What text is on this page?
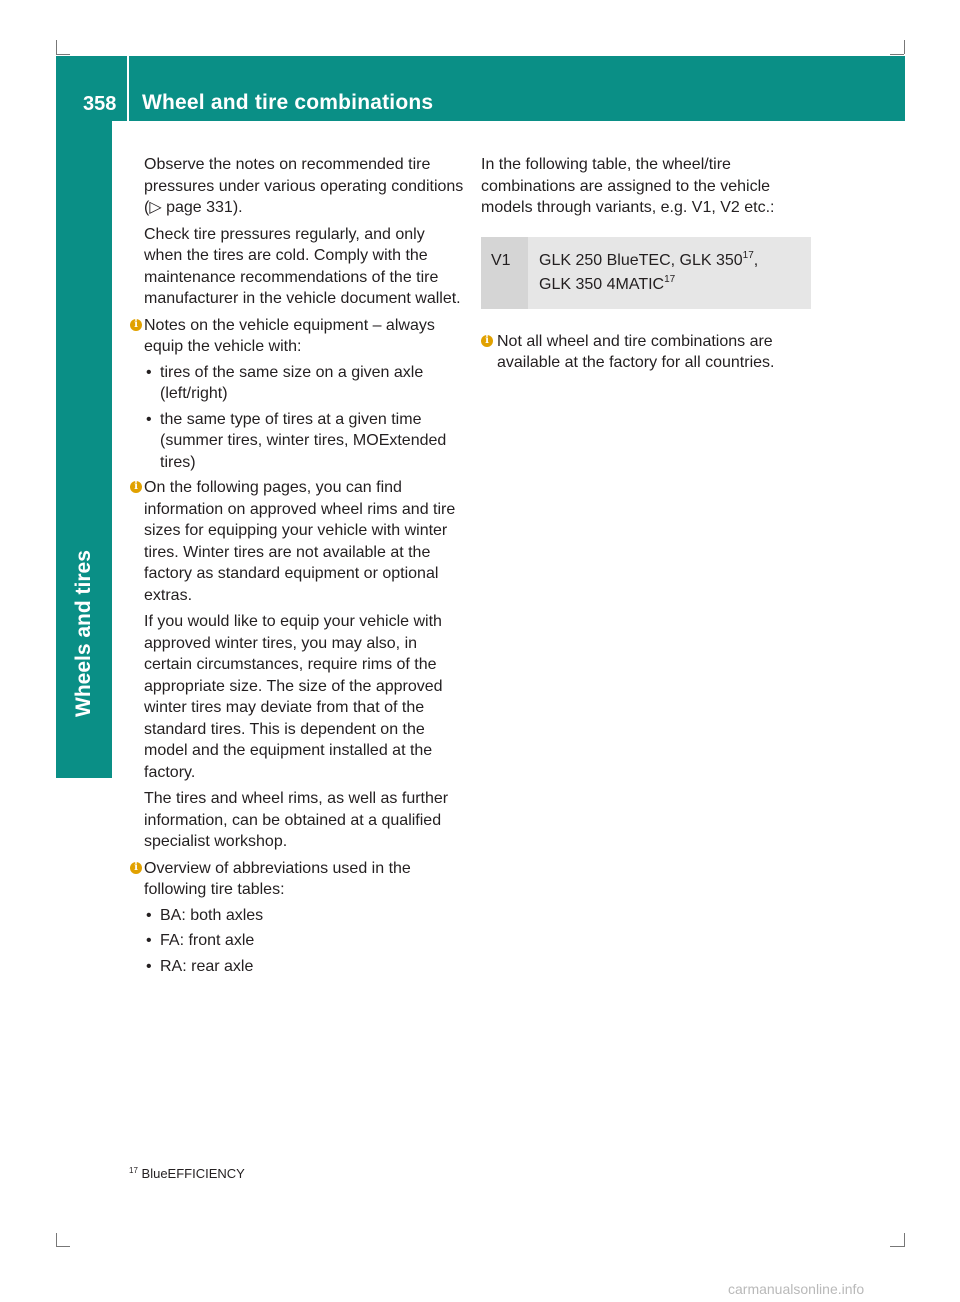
358 Wheel and tire combinations
Wheels and tires

Observe the notes on recommended tire pressures under various operating conditions (▷ page 331).

Check tire pressures regularly, and only when the tires are cold. Comply with the maintenance recommendations of the tire manufacturer in the vehicle document wallet.

i Notes on the vehicle equipment – always equip the vehicle with:
• tires of the same size on a given axle (left/right)
• the same type of tires at a given time (summer tires, winter tires, MOExtended tires)
i On the following pages, you can find information on approved wheel rims and tire sizes for equipping your vehicle with winter tires. Winter tires are not available at the factory as standard equipment or optional extras.

If you would like to equip your vehicle with approved winter tires, you may also, in certain circumstances, require rims of the appropriate size. The size of the approved winter tires may deviate from that of the standard tires. This is dependent on the model and the equipment installed at the factory.

The tires and wheel rims, as well as further information, can be obtained at a qualified specialist workshop.

i Overview of abbreviations used in the following tire tables:
• BA: both axles
• FA: front axle
• RA: rear axle

In the following table, the wheel/tire combinations are assigned to the vehicle models through variants, e.g. V1, V2 etc.:

V1	GLK 250 BlueTEC, GLK $350^{17}$,
GLK 350 4MATIC$^{17}$
i Not all wheel and tire combinations are available at the factory for all countries.
$^{17}$ BlueEFFICIENCY
carmanualsonline.info
